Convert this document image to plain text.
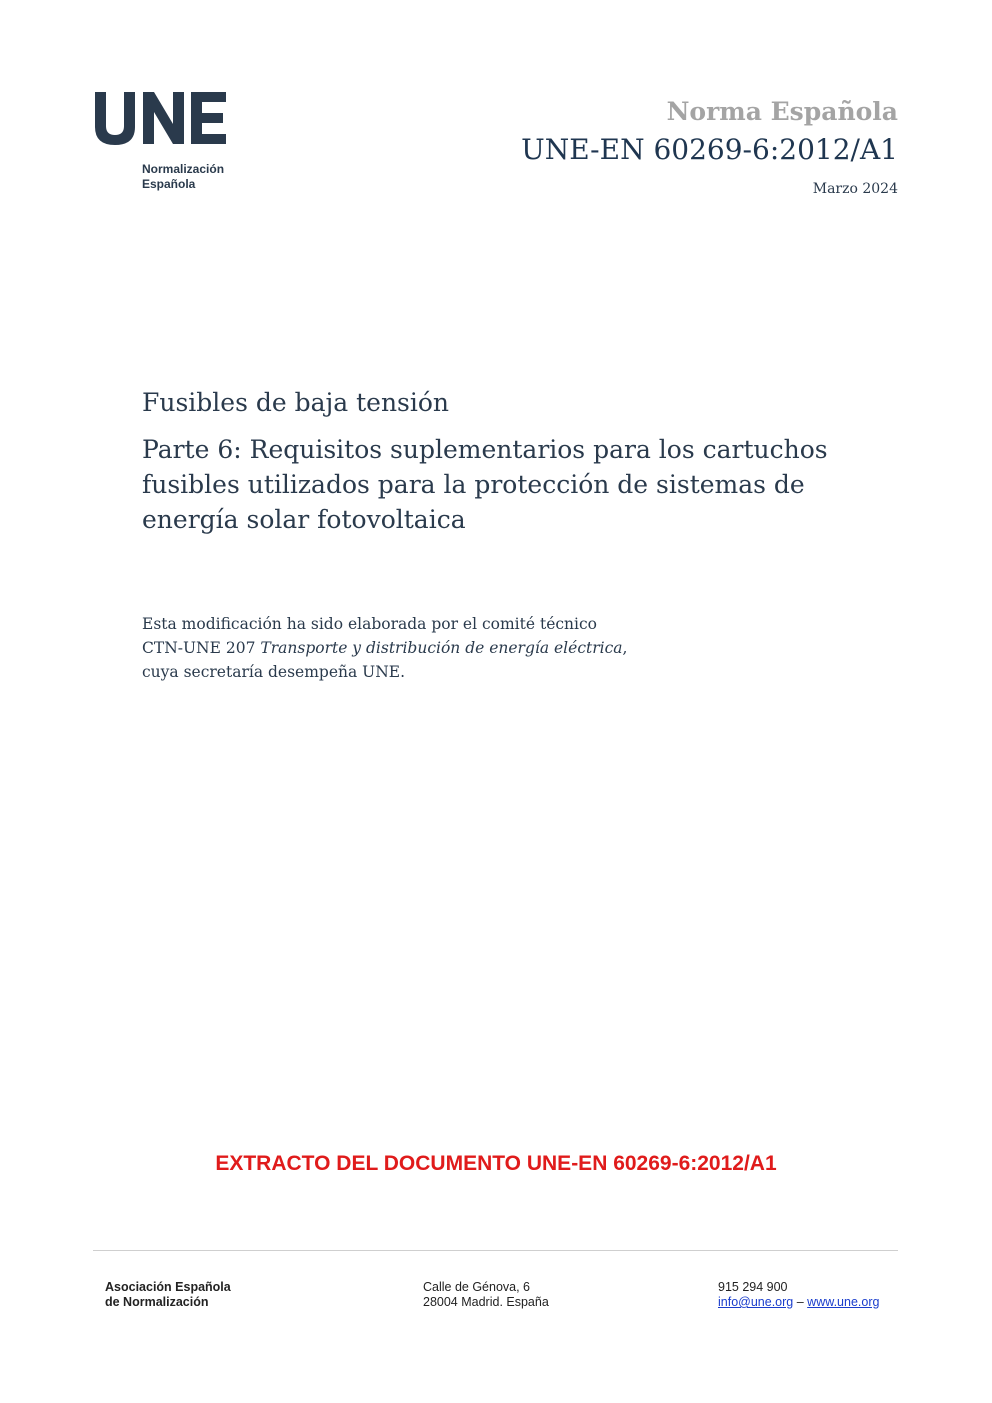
Normalización
Española
Norma Española
UNE-EN 60269-6:2012/A1
Marzo 2024
Fusibles de baja tensión
Parte 6: Requisitos suplementarios para los cartuchos fusibles utilizados para la protección de sistemas de energía solar fotovoltaica
Esta modificación ha sido elaborada por el comité técnico
CTN-UNE 207 Transporte y distribución de energía eléctrica,
cuya secretaría desempeña UNE.
EXTRACTO DEL DOCUMENTO UNE-EN 60269-6:2012/A1
Asociación Española
de Normalización
Calle de Génova, 6
28004 Madrid. España
915 294 900
info@une.org – www.une.org
